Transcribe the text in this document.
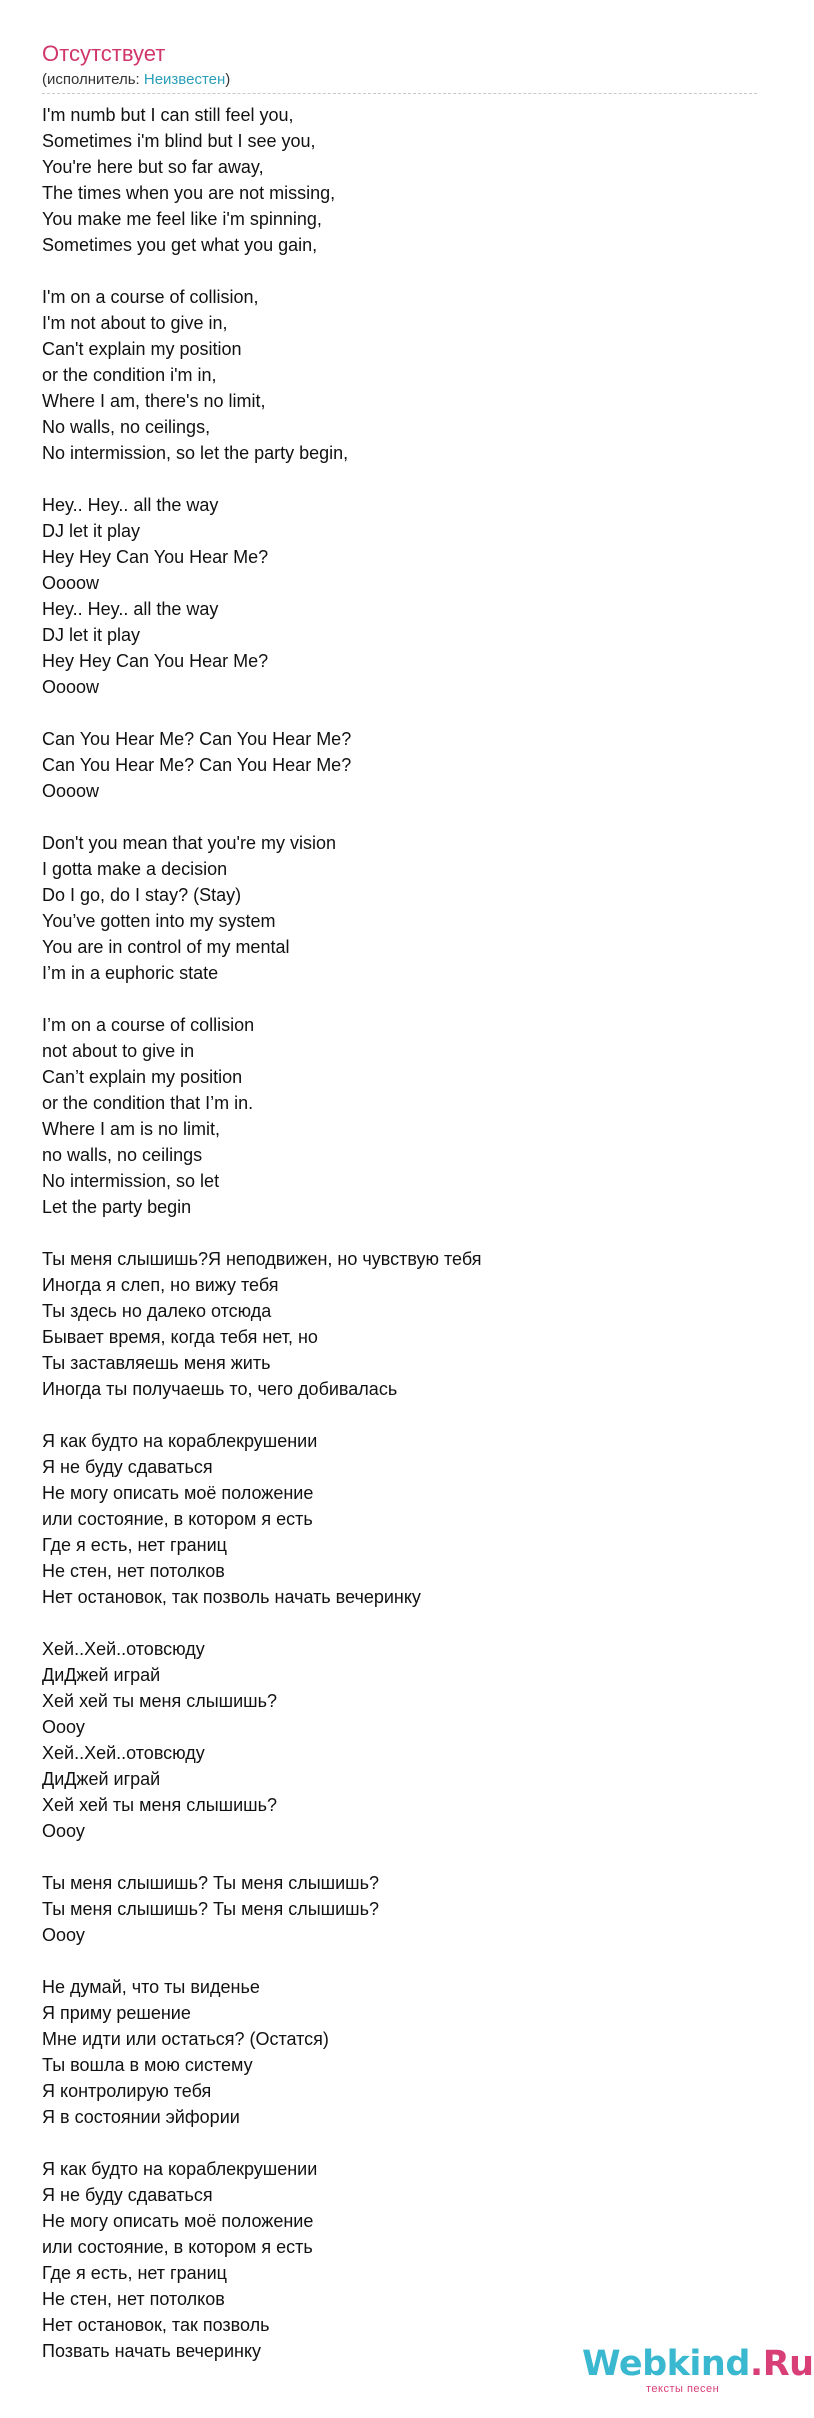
Отсутствует
(исполнитель: Неизвестен)
I'm numb but I can still feel you,
Sometimes i'm blind but I see you,
You're here but so far away,
The times when you are not missing,
You make me feel like i'm spinning,
Sometimes you get what you gain,
I'm on a course of collision,
I'm not about to give in,
Can't explain my position
or the condition i'm in,
Where I am, there's no limit,
No walls, no ceilings,
No intermission, so let the party begin,
Hey.. Hey.. all the way
DJ let it play
Hey Hey Can You Hear Me?
Oooow
Hey.. Hey.. all the way
DJ let it play
Hey Hey Can You Hear Me?
Oooow
Can You Hear Me? Can You Hear Me?
Can You Hear Me? Can You Hear Me?
Oooow
Don't you mean that you're my vision
I gotta make a decision
Do I go, do I stay? (Stay)
You’ve gotten into my system
You are in control of my mental
I’m in a euphoric state
I’m on a course of collision
not about to give in
Can’t explain my position
or the condition that I’m in.
Where I am is no limit,
no walls, no ceilings
No intermission, so let
Let the party begin
Ты меня слышишь?Я неподвижен, но чувствую тебя
Иногда я слеп, но вижу тебя
Ты здесь но далеко отсюда
Бывает время, когда тебя нет, но
Ты заставляешь меня жить
Иногда ты получаешь то, чего добивалась
Я как будто на кораблекрушении
Я не буду сдаваться
Не могу описать моё положение
или состояние, в котором я есть
Где я есть, нет границ
Не стен, нет потолков
Нет остановок, так позволь начать вечеринку
Хей..Хей..отовсюду
ДиДжей играй
Хей хей ты меня слышишь?
Оооу
Хей..Хей..отовсюду
ДиДжей играй
Хей хей ты меня слышишь?
Оооу
Ты меня слышишь? Ты меня слышишь?
Ты меня слышишь? Ты меня слышишь?
Оооу
Не думай, что ты виденье
Я приму решение
Мне идти или остаться? (Остатся)
Ты вошла в мою систему
Я контролирую тебя
Я в состоянии эйфории
Я как будто на кораблекрушении
Я не буду сдаваться
Не могу описать моё положение
или состояние, в котором я есть
Где я есть, нет границ
Не стен, нет потолков
Нет остановок, так позволь
Позвать начать вечеринку	Webkind.Ru
тексты песен
